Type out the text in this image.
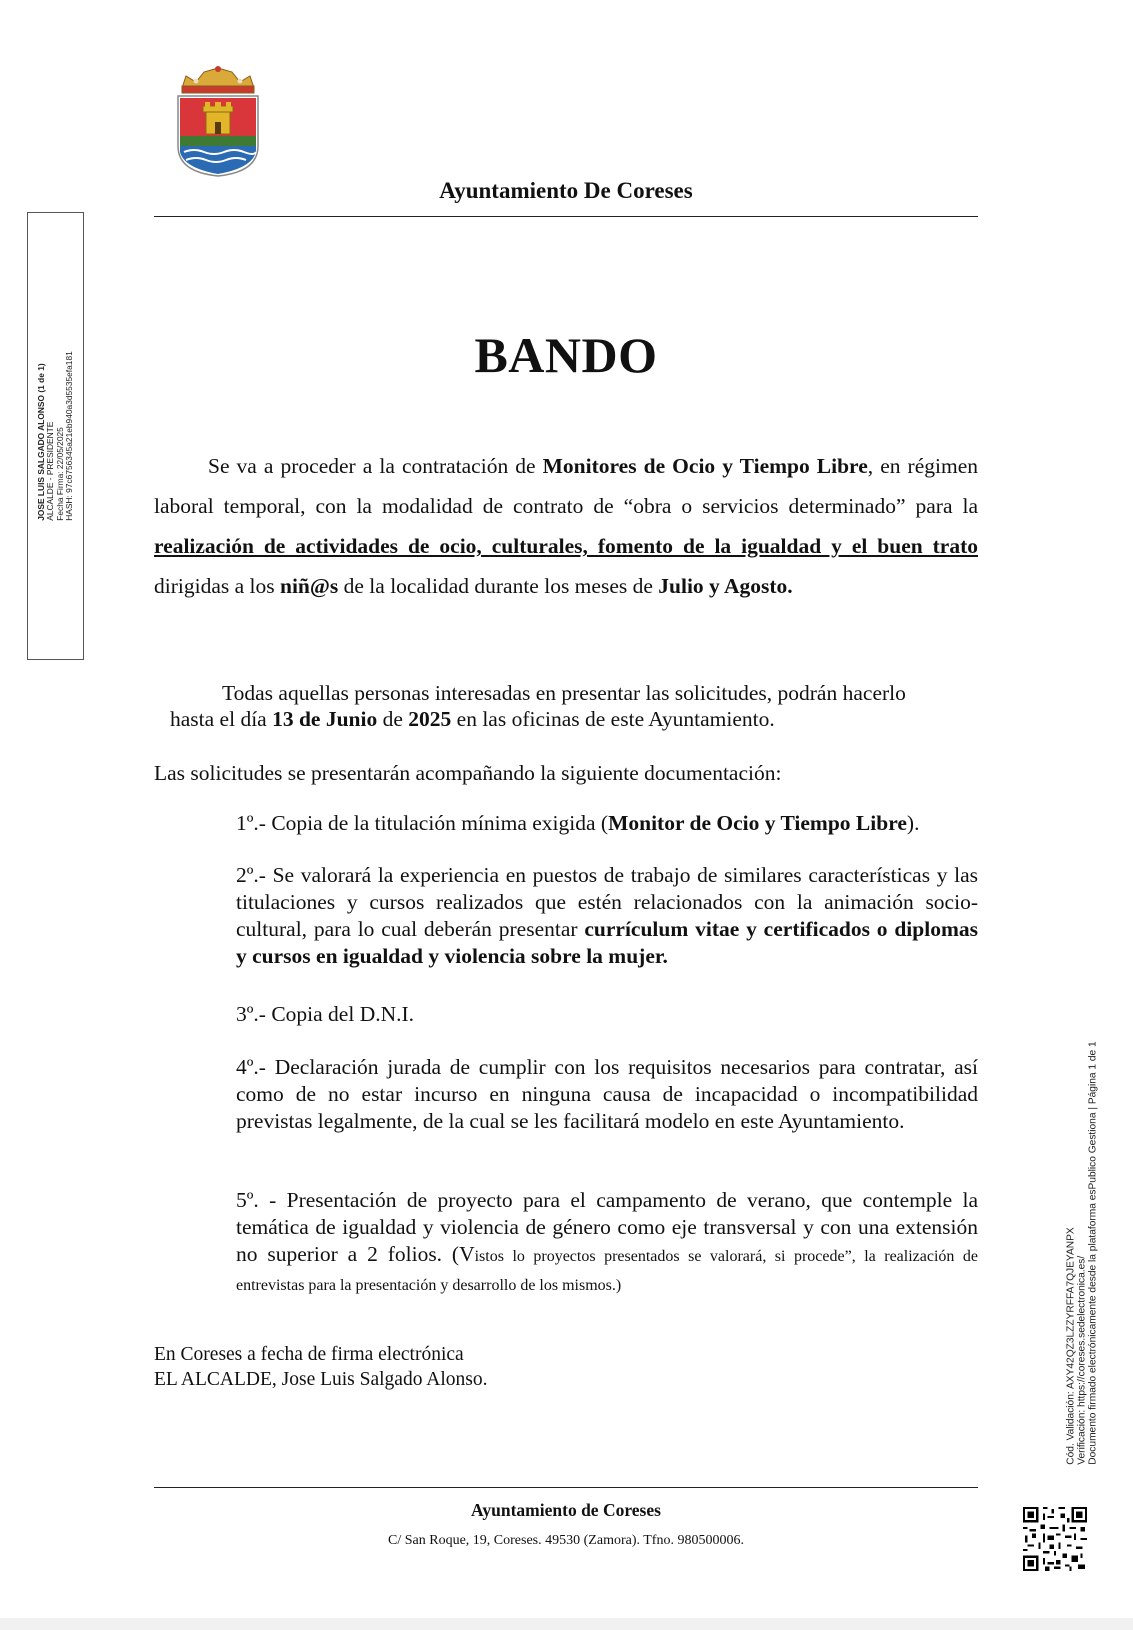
Ayuntamiento De Coreses
JOSE LUIS SALGADO ALONSO (1 de 1) ALCALDE - PRESIDENTE Fecha Firma: 22/05/2025 HASH: 97c6756345a21eb940a3d5535efa181	BANDO
Se va a proceder a la contratación de Monitores de Ocio y Tiempo Libre, en régimen laboral temporal, con la modalidad de contrato de “obra o servicios determinado” para la realización de actividades de ocio, culturales, fomento de la igualdad y el buen trato dirigidas a los niñ@s de la localidad durante los meses de Julio y Agosto.
Todas aquellas personas interesadas en presentar las solicitudes, podrán hacerlo
hasta el día 13 de Junio de 2025 en las oficinas de este Ayuntamiento.
Las solicitudes se presentarán acompañando la siguiente documentación:
1º.- Copia de la titulación mínima exigida (Monitor de Ocio y Tiempo Libre).
2º.- Se valorará la experiencia en puestos de trabajo de similares características y las titulaciones y cursos realizados que estén relacionados con la animación socio-cultural, para lo cual deberán presentar currículum vitae y certificados o diplomas y cursos en igualdad y violencia sobre la mujer.
3º.- Copia del D.N.I.
4º.- Declaración jurada de cumplir con los requisitos necesarios para contratar, así como de no estar incurso en ninguna causa de incapacidad o incompatibilidad previstas legalmente, de la cual se les facilitará modelo en este Ayuntamiento.
5º. - Presentación de proyecto para el campamento de verano, que contemple la temática de igualdad y violencia de género como eje transversal y con una extensión no superior a 2 folios. (Vistos lo proyectos presentados se valorará, si procede”, la realización de entrevistas para la presentación y desarrollo de los mismos.)
En Coreses a fecha de firma electrónica
EL ALCALDE, Jose Luis Salgado Alonso.
Ayuntamiento de Coreses
C/ San Roque, 19, Coreses. 49530 (Zamora). Tfno. 980500006.
Cód. Validación: AXY42QZ3LZZYRFFA7QJEYANPX Verificación: https://coreses.sedelectronica.es/ Documento firmado electrónicamente desde la plataforma esPublico Gestiona | Página 1 de 1
